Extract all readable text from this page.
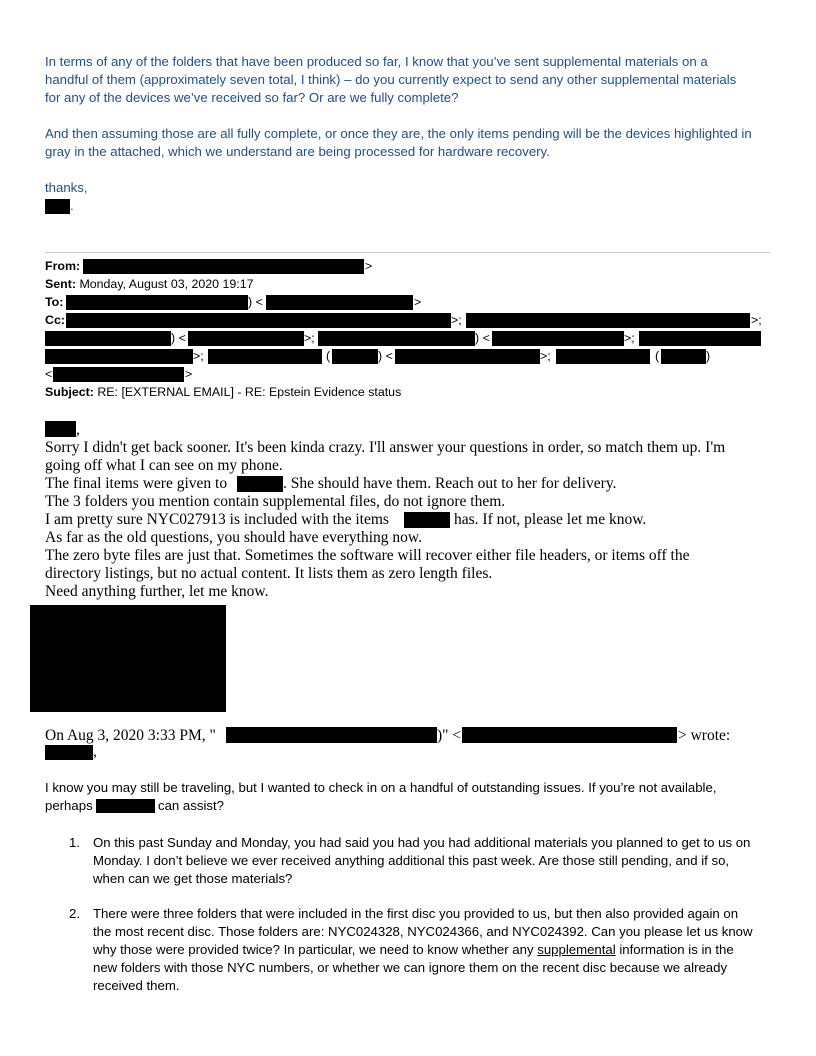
In terms of any of the folders that have been produced so far, I know that you’ve sent supplemental materials on a
handful of them (approximately seven total, I think) – do you currently expect to send any other supplemental materials
for any of the devices we’ve received so far? Or are we fully complete?
And then assuming those are all fully complete, or once they are, the only items pending will be the devices highlighted in
gray in the attached, which we understand are being processed for hardware recovery.
thanks,
.
From:	>
Sent: Monday, August 03, 2020 19:17
To:	) <	>
Cc:	>;	>;
) <	>;	) <	>;
>;	(	) <	>;	(	)
<	>
Subject: RE: [EXTERNAL EMAIL] - RE: Epstein Evidence status
,
Sorry I didn't get back sooner. It's been kinda crazy. I'll answer your questions in order, so match them up. I'm
going off what I can see on my phone.
The final items were given to	. She should have them. Reach out to her for delivery.
The 3 folders you mention contain supplemental files, do not ignore them.
I am pretty sure NYC027913 is included with the items	has. If not, please let me know.
As far as the old questions, you should have everything now.
The zero byte files are just that. Sometimes the software will recover either file headers, or items off the
directory listings, but no actual content. It lists them as zero length files.
Need anything further, let me know.
On Aug 3, 2020 3:33 PM, "	)" <	> wrote:
,
I know you may still be traveling, but I wanted to check in on a handful of outstanding issues. If you’re not available,
perhaps	can assist?
1. On this past Sunday and Monday, you had said you had you had additional materials you planned to get to us on
Monday. I don’t believe we ever received anything additional this past week. Are those still pending, and if so,
when can we get those materials?
2. There were three folders that were included in the first disc you provided to us, but then also provided again on
the most recent disc. Those folders are: NYC024328, NYC024366, and NYC024392. Can you please let us know
why those were provided twice? In particular, we need to know whether any supplemental information is in the
new folders with those NYC numbers, or whether we can ignore them on the recent disc because we already
received them.
